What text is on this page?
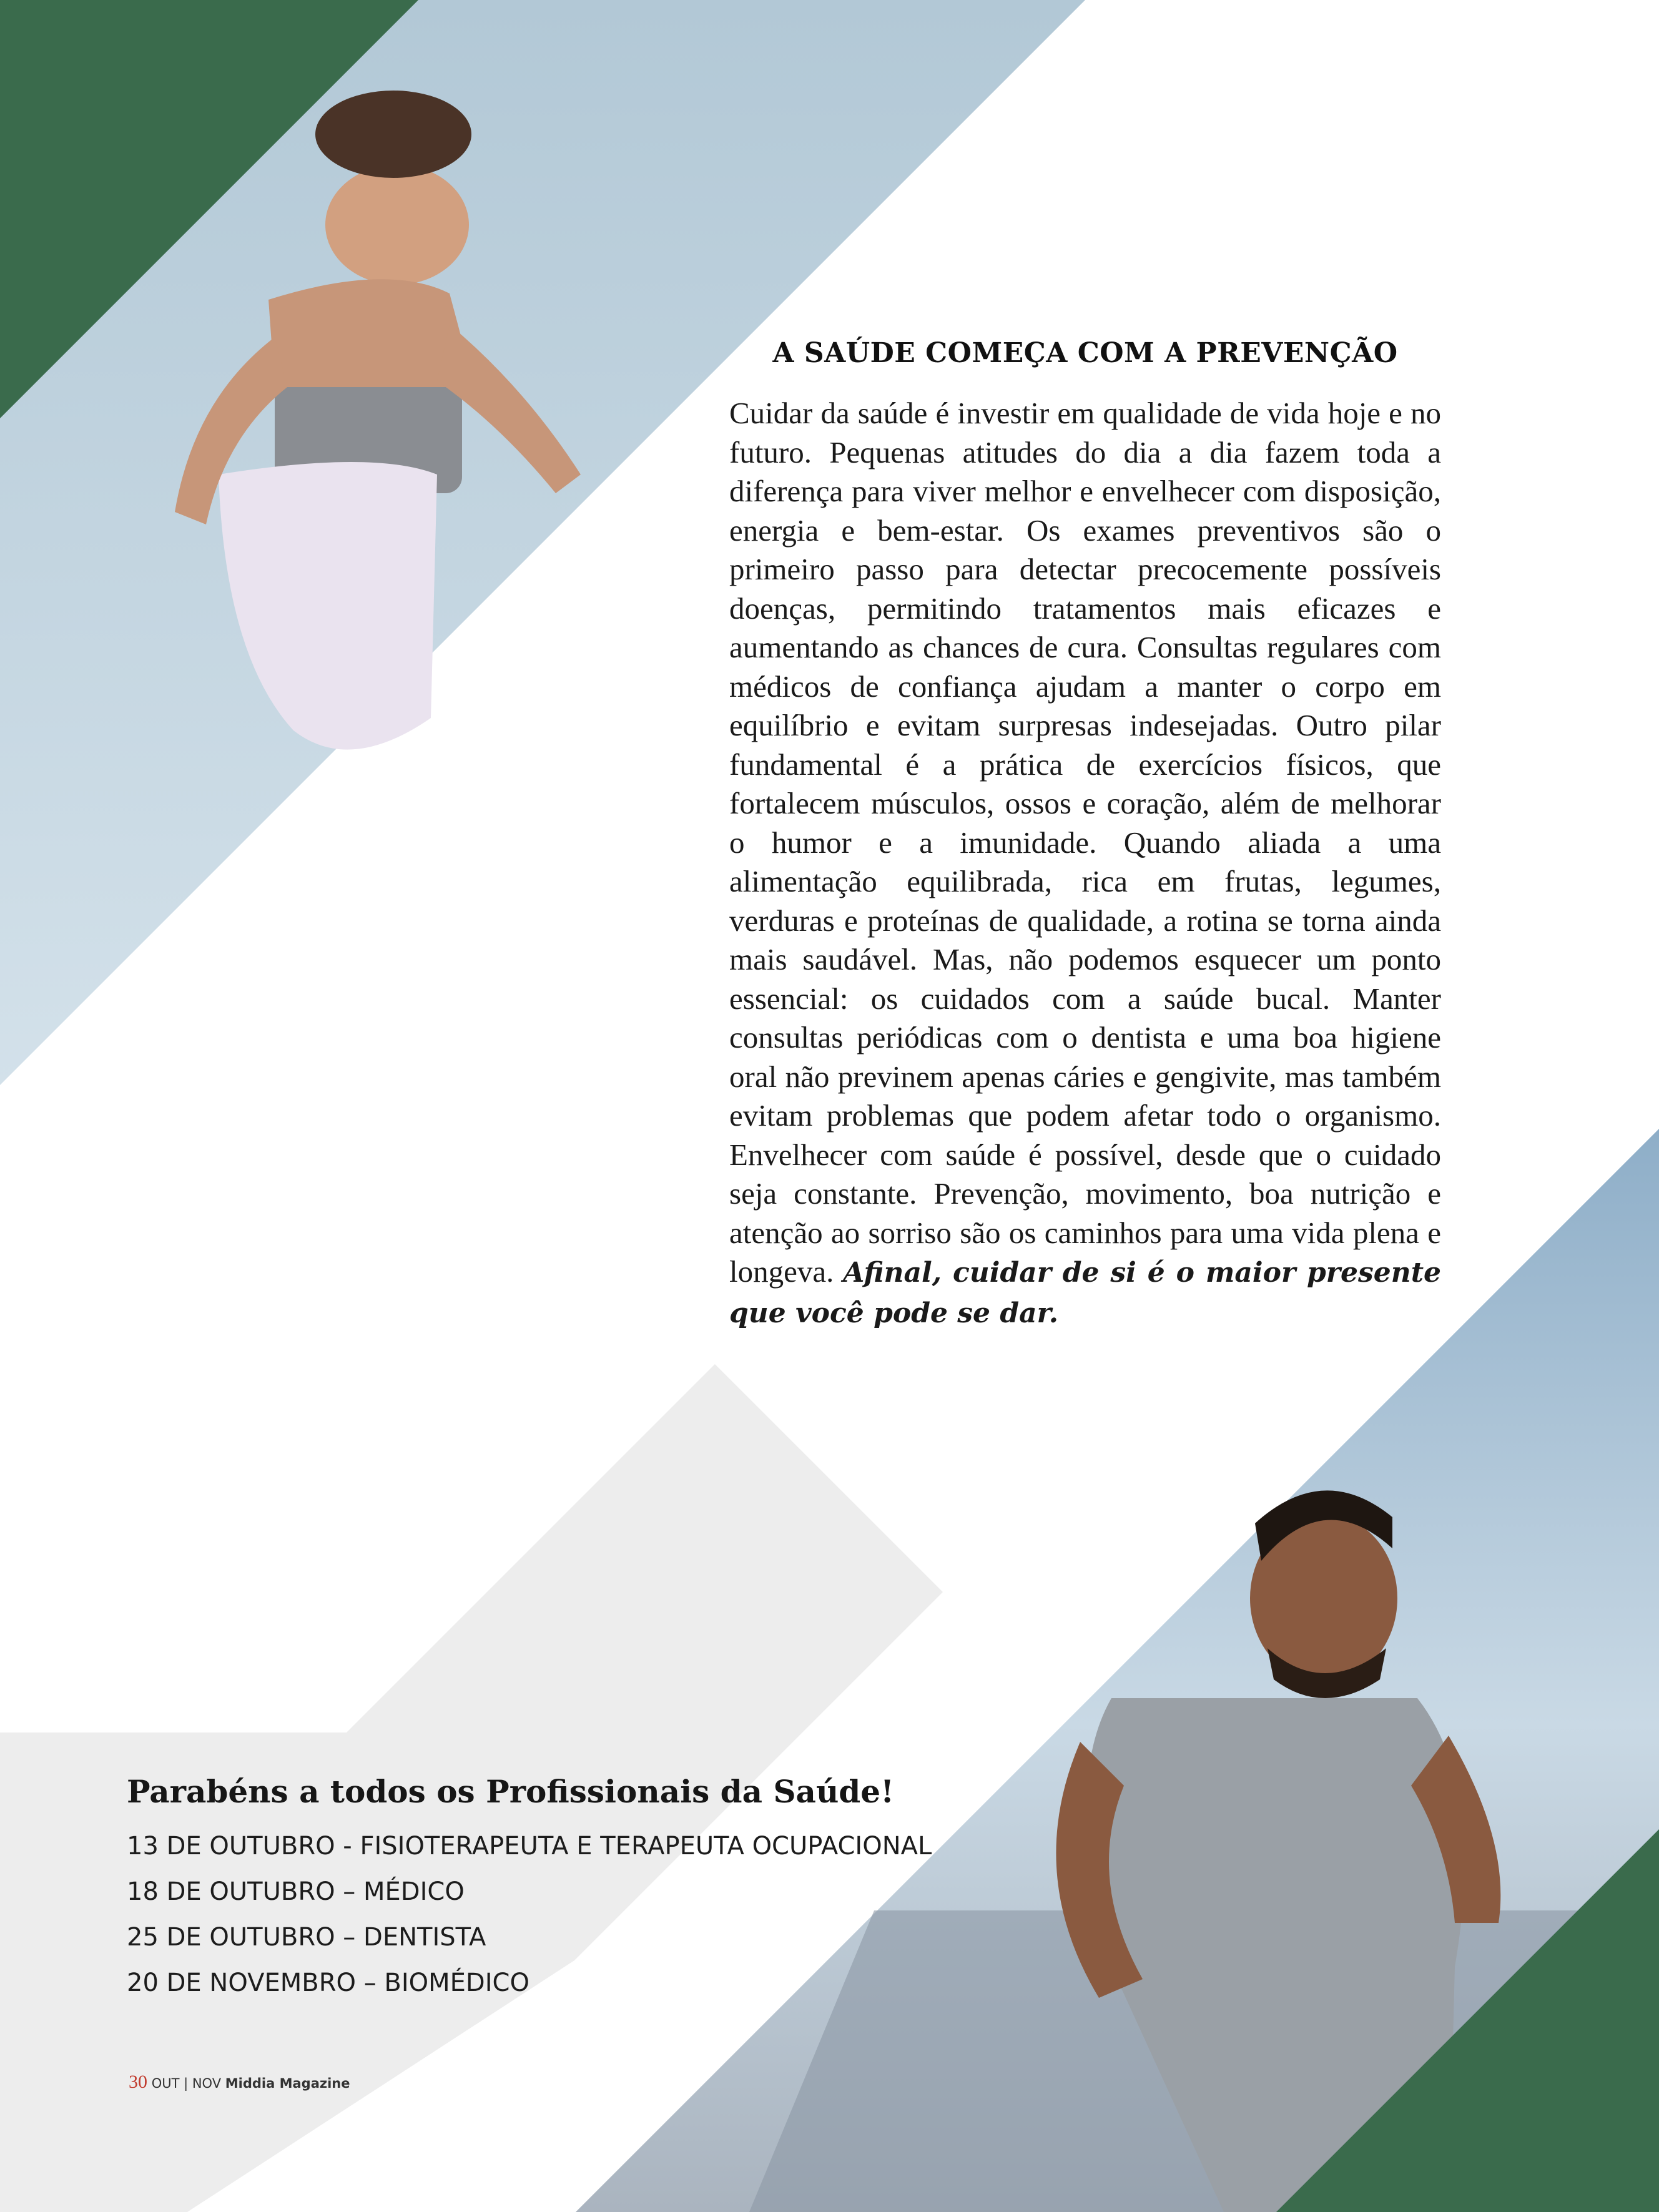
A SAÚDE COMEÇA COM A PREVENÇÃO

Cuidar da saúde é investir em qualidade de vida hoje e no futuro. Pequenas atitudes do dia a dia fazem toda a diferença para viver melhor e envelhecer com disposição, energia e bem-estar. Os exames preventivos são o primeiro passo para detectar precocemente possíveis doenças, permitindo tratamentos mais eficazes e aumentando as chances de cura. Consultas regulares com médicos de confiança ajudam a manter o corpo em equilíbrio e evitam surpresas indesejadas. Outro pilar fundamental é a prática de exercícios físicos, que fortalecem músculos, ossos e coração, além de melhorar o humor e a imunidade. Quando aliada a uma alimentação equilibrada, rica em frutas, legumes, verduras e proteínas de qualidade, a rotina se torna ainda mais saudável. Mas, não podemos esquecer um ponto essencial: os cuidados com a saúde bucal. Manter consultas periódicas com o dentista e uma boa higiene oral não previnem apenas cáries e gengivite, mas também evitam problemas que podem afetar todo o organismo. Envelhecer com saúde é possível, desde que o cuidado seja constante. Prevenção, movimento, boa nutrição e atenção ao sorriso são os caminhos para uma vida plena e longeva. Afinal, cuidar de si é o maior presente que você pode se dar.

Parabéns a todos os Profissionais da Saúde!
13 DE OUTUBRO - FISIOTERAPEUTA E TERAPEUTA OCUPACIONAL
18 DE OUTUBRO – MÉDICO
25 DE OUTUBRO – DENTISTA
20 DE NOVEMBRO – BIOMÉDICO
30 OUT | NOV Middia Magazine
